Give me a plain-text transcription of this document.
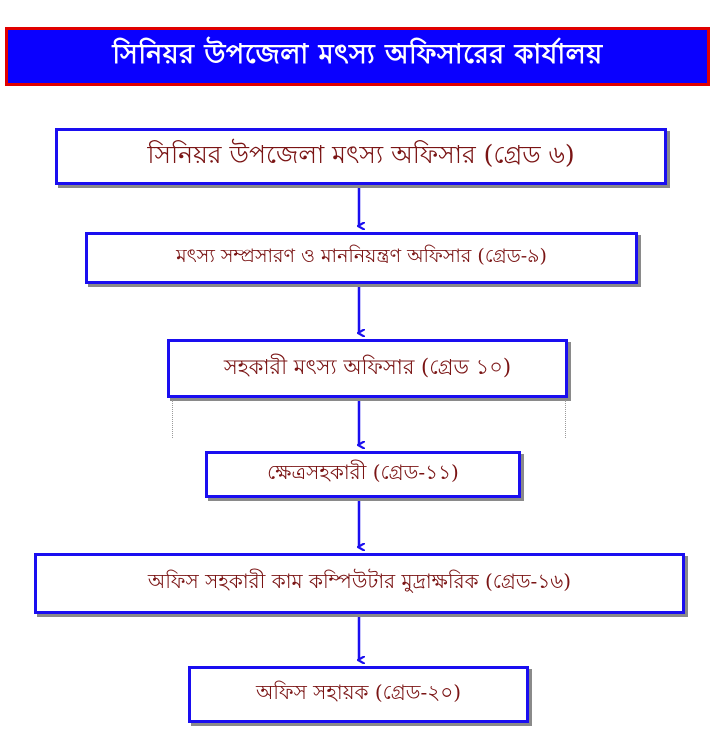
সিনিয়র উপজেলা মৎস্য অফিসারের কার্যালয়
সিনিয়র উপজেলা মৎস্য অফিসার (গ্রেড ৬)
মৎস্য সম্প্রসারণ ও মাননিয়ন্ত্রণ অফিসার (গ্রেড-৯)
সহকারী মৎস্য অফিসার (গ্রেড ১০)
ক্ষেত্রসহকারী (গ্রেড-১১)
অফিস সহকারী কাম কম্পিউটার মুদ্রাক্ষরিক (গ্রেড-১৬)
অফিস সহায়ক (গ্রেড-২০)
